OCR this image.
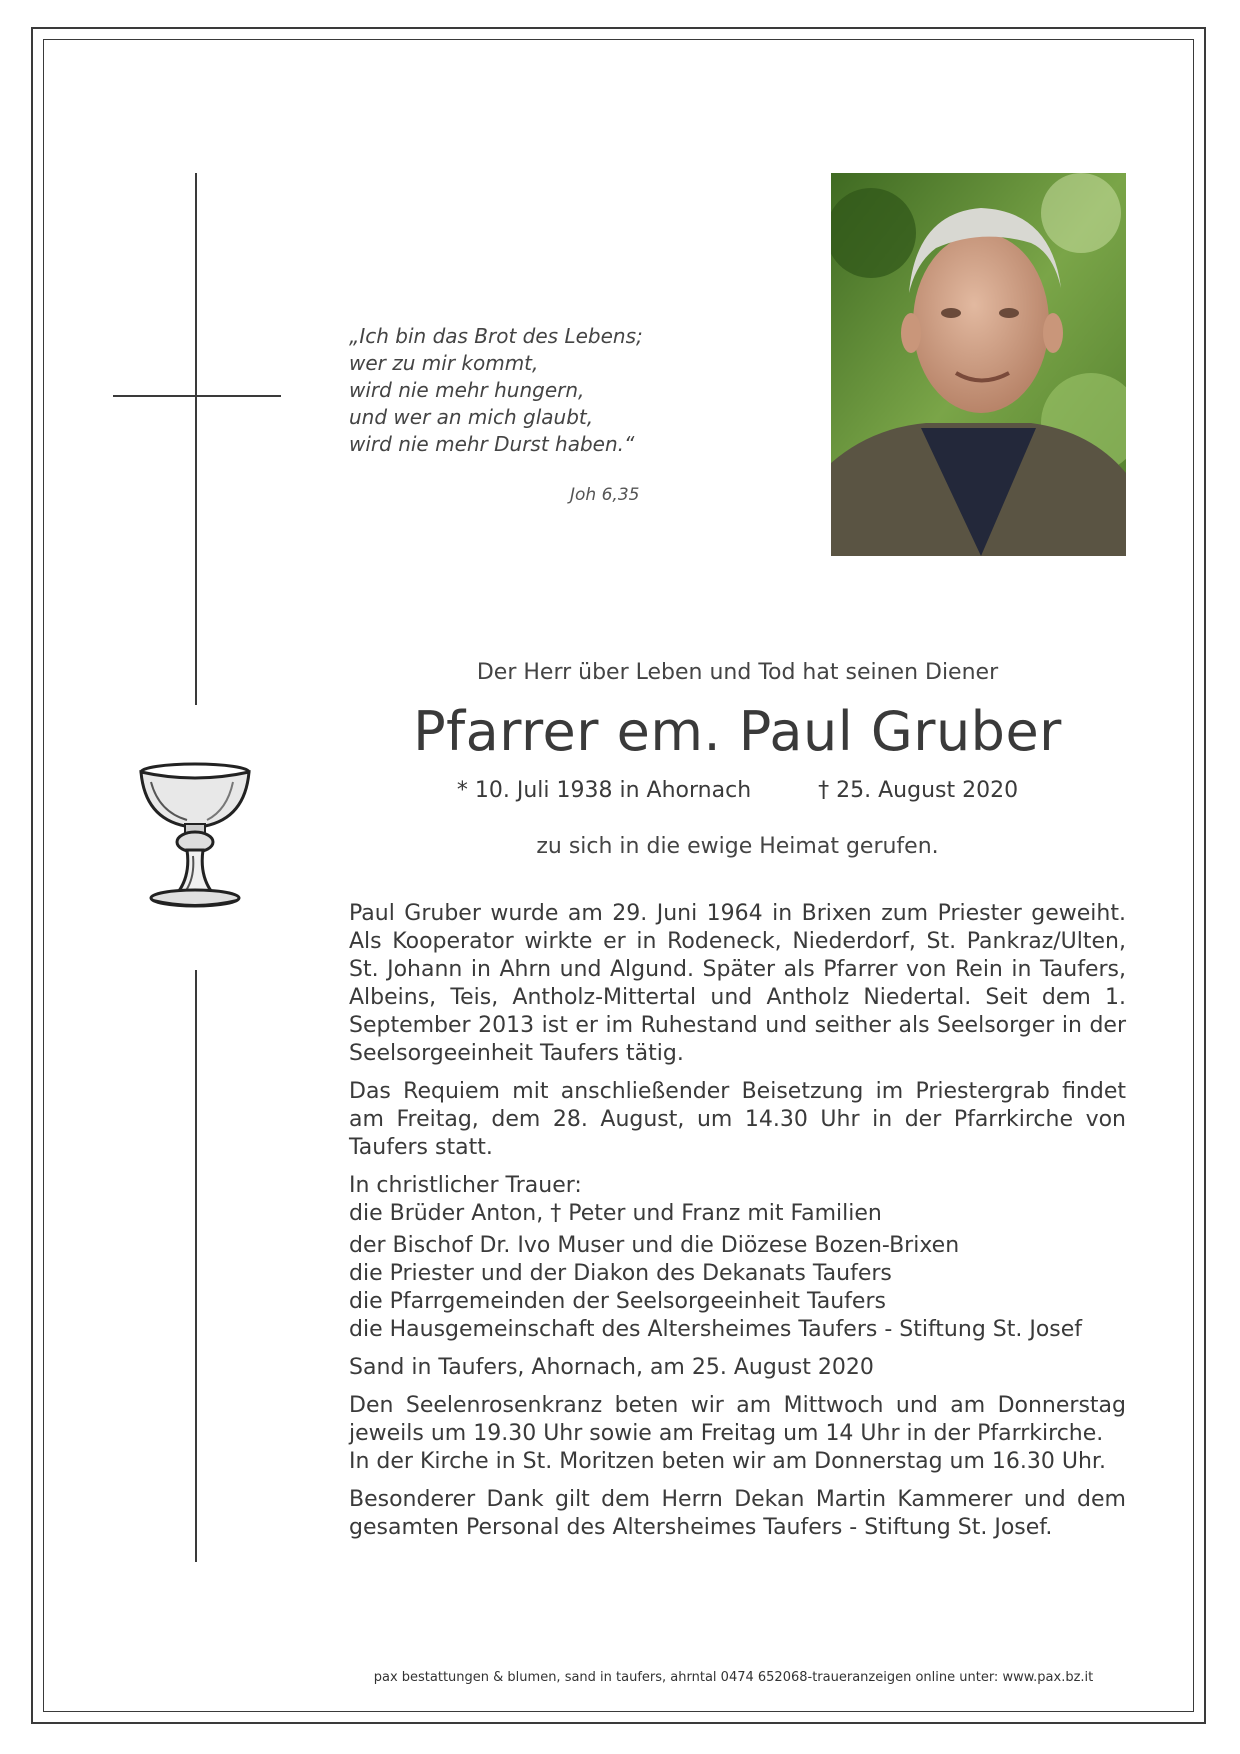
„Ich bin das Brot des Lebens;

wer zu mir kommt,

wird nie mehr hungern,

und wer an mich glaubt,

wird nie mehr Durst haben.“

Joh 6,35
Der Herr über Leben und Tod hat seinen Diener
Pfarrer em. Paul Gruber
* 10. Juli 1938 in Ahornach	† 25. August 2020
zu sich in die ewige Heimat gerufen.

Paul Gruber wurde am 29. Juni 1964 in Brixen zum Priester geweiht. Als Kooperator wirkte er in Rodeneck, Niederdorf, St. Pankraz/Ulten, St. Johann in Ahrn und Algund. Später als Pfarrer von Rein in Taufers, Albeins, Teis, Antholz-Mittertal und Antholz Niedertal. Seit dem 1. September 2013 ist er im Ruhestand und seither als Seelsorger in der Seelsorgeeinheit Taufers tätig.

Das Requiem mit anschließender Beisetzung im Priestergrab findet am Freitag, dem 28. August, um 14.30 Uhr in der Pfarrkirche von Taufers statt.

In christlicher Trauer:
die Brüder Anton, † Peter und Franz mit Familien

der Bischof Dr. Ivo Muser und die Diözese Bozen-Brixen
die Priester und der Diakon des Dekanats Taufers
die Pfarrgemeinden der Seelsorgeeinheit Taufers
die Hausgemeinschaft des Altersheimes Taufers - Stiftung St. Josef

Sand in Taufers, Ahornach, am 25. August 2020

Den Seelenrosenkranz beten wir am Mittwoch und am Donnerstag jeweils um 19.30 Uhr sowie am Freitag um 14 Uhr in der Pfarrkirche.
In der Kirche in St. Moritzen beten wir am Donnerstag um 16.30 Uhr.

Besonderer Dank gilt dem Herrn Dekan Martin Kammerer und dem gesamten Personal des Altersheimes Taufers - Stiftung St. Josef.

pax bestattungen & blumen, sand in taufers, ahrntal 0474 652068-traueranzeigen online unter: www.pax.bz.it
